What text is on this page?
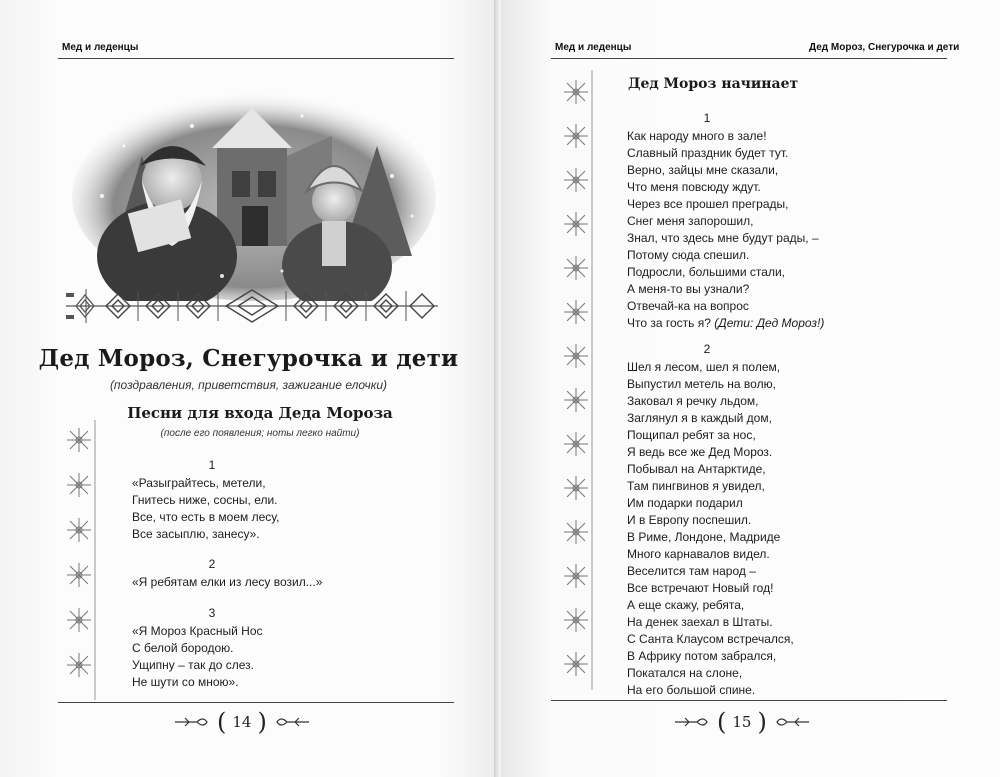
Мед и леденцы
Дед Мороз, Снегурочка и дети
(поздравления, приветствия, зажигание елочки)
Песни для входа Деда Мороза
(после его появления; ноты легко найти)
1
«Разыграйтесь, метели,
Гнитесь ниже, сосны, ели.
Все, что есть в моем лесу,
Все засыплю, занесу».
2
«Я ребятам елки из лесу возил...»
3
«Я Мороз Красный Нос
С белой бородою.
Ущипну – так до слез.
Не шути со мною».
( 14 )
Мед и леденцы	Дед Мороз, Снегурочка и дети
Дед Мороз начинает
1
Как народу много в зале!
Славный праздник будет тут.
Верно, зайцы мне сказали,
Что меня повсюду ждут.
Через все прошел преграды,
Снег меня запорошил,
Знал, что здесь мне будут рады, –
Потому сюда спешил.
Подросли, большими стали,
А меня-то вы узнали?
Отвечай-ка на вопрос
Что за гость я? (Дети: Дед Мороз!)
2
Шел я лесом, шел я полем,
Выпустил метель на волю,
Заковал я речку льдом,
Заглянул я в каждый дом,
Пощипал ребят за нос,
Я ведь все же Дед Мороз.
Побывал на Антарктиде,
Там пингвинов я увидел,
Им подарки подарил
И в Европу поспешил.
В Риме, Лондоне, Мадриде
Много карнавалов видел.
Веселится там народ –
Все встречают Новый год!
А еще скажу, ребята,
На денек заехал в Штаты.
С Санта Клаусом встречался,
В Африку потом забрался,
Покатался на слоне,
На его большой спине.
( 15 )
